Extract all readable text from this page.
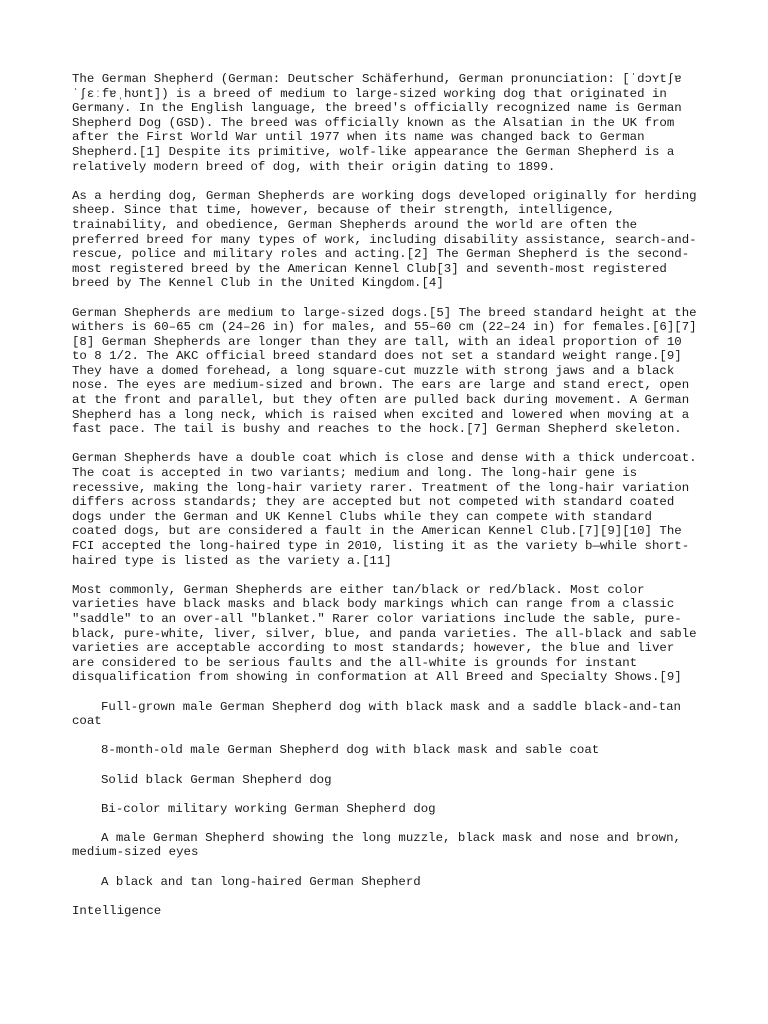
The German Shepherd (German: Deutscher Schäferhund, German pronunciation: [ˈdɔʏtʃɐ ˈʃɛːfɐˌhʊnt]) is a breed of medium to large-sized working dog that originated in Germany. In the English language, the breed's officially recognized name is German Shepherd Dog (GSD). The breed was officially known as the Alsatian in the UK from after the First World War until 1977 when its name was changed back to German Shepherd.[1] Despite its primitive, wolf-like appearance the German Shepherd is a relatively modern breed of dog, with their origin dating to 1899.

As a herding dog, German Shepherds are working dogs developed originally for herding sheep. Since that time, however, because of their strength, intelligence, trainability, and obedience, German Shepherds around the world are often the preferred breed for many types of work, including disability assistance, search-and-rescue, police and military roles and acting.[2] The German Shepherd is the second-most registered breed by the American Kennel Club[3] and seventh-most registered breed by The Kennel Club in the United Kingdom.[4]

German Shepherds are medium to large-sized dogs.[5] The breed standard height at the withers is 60–65 cm (24–26 in) for males, and 55–60 cm (22–24 in) for females.[6][7][8] German Shepherds are longer than they are tall, with an ideal proportion of 10 to 8 1/2. The AKC official breed standard does not set a standard weight range.[9] They have a domed forehead, a long square-cut muzzle with strong jaws and a black nose. The eyes are medium-sized and brown. The ears are large and stand erect, open at the front and parallel, but they often are pulled back during movement. A German Shepherd has a long neck, which is raised when excited and lowered when moving at a fast pace. The tail is bushy and reaches to the hock.[7] German Shepherd skeleton.

German Shepherds have a double coat which is close and dense with a thick undercoat. The coat is accepted in two variants; medium and long. The long-hair gene is recessive, making the long-hair variety rarer. Treatment of the long-hair variation differs across standards; they are accepted but not competed with standard coated dogs under the German and UK Kennel Clubs while they can compete with standard coated dogs, but are considered a fault in the American Kennel Club.[7][9][10] The FCI accepted the long-haired type in 2010, listing it as the variety b—while short-haired type is listed as the variety a.[11]

Most commonly, German Shepherds are either tan/black or red/black. Most color varieties have black masks and black body markings which can range from a classic "saddle" to an over-all "blanket." Rarer color variations include the sable, pure-black, pure-white, liver, silver, blue, and panda varieties. The all-black and sable varieties are acceptable according to most standards; however, the blue and liver are considered to be serious faults and the all-white is grounds for instant disqualification from showing in conformation at All Breed and Specialty Shows.[9]

Full-grown male German Shepherd dog with black mask and a saddle black-and-tan coat

8-month-old male German Shepherd dog with black mask and sable coat

Solid black German Shepherd dog

Bi-color military working German Shepherd dog

A male German Shepherd showing the long muzzle, black mask and nose and brown, medium-sized eyes

A black and tan long-haired German Shepherd

Intelligence
